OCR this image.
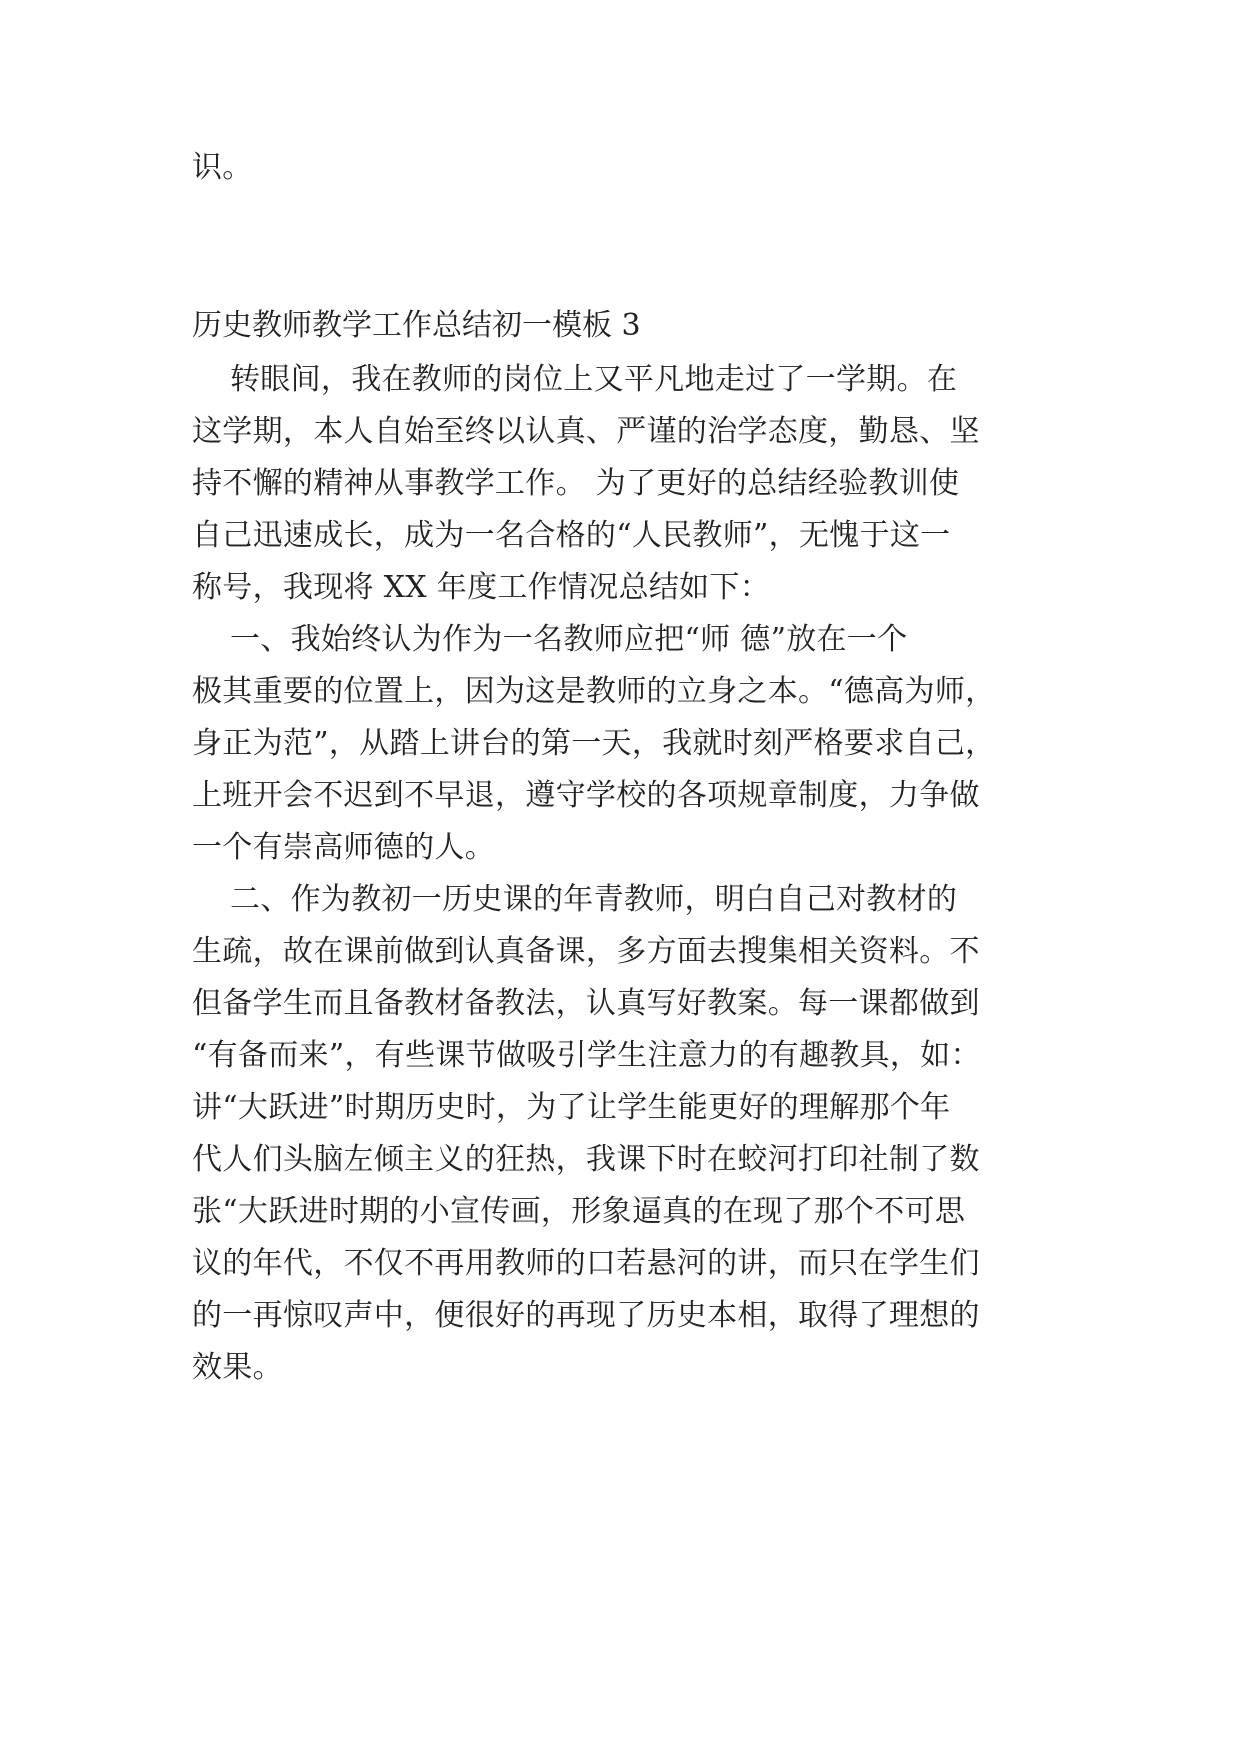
识。
历史教师教学工作总结初一模板 3
转眼间，我在教师的岗位上又平凡地走过了一学期。在
这学期，本人自始至终以认真、严谨的治学态度，勤恳、坚
持不懈的精神从事教学工作。 为了更好的总结经验教训使
自己迅速成长，成为一名合格的“人民教师”，无愧于这一
称号，我现将 XX 年度工作情况总结如下：
一、我始终认为作为一名教师应把“师 德”放在一个
极其重要的位置上，因为这是教师的立身之本。“德高为师，
身正为范”，从踏上讲台的第一天，我就时刻严格要求自己，
上班开会不迟到不早退，遵守学校的各项规章制度，力争做
一个有崇高师德的人。
二、作为教初一历史课的年青教师，明白自己对教材的
生疏，故在课前做到认真备课，多方面去搜集相关资料。不
但备学生而且备教材备教法，认真写好教案。每一课都做到
“有备而来”，有些课节做吸引学生注意力的有趣教具，如：
讲“大跃进”时期历史时，为了让学生能更好的理解那个年
代人们头脑左倾主义的狂热，我课下时在蛟河打印社制了数
张“大跃进时期的小宣传画，形象逼真的在现了那个不可思
议的年代，不仅不再用教师的口若悬河的讲，而只在学生们
的一再惊叹声中，便很好的再现了历史本相，取得了理想的
效果。
